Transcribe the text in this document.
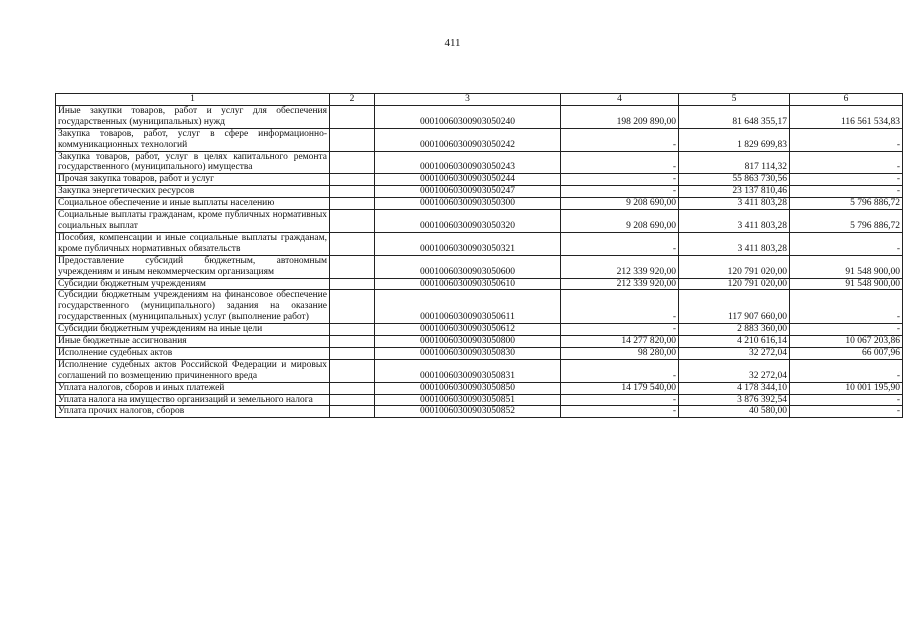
411
1	2	3	4	5	6

Иные закупки товаров, работ и услуг для обеспечения государственных (муниципальных) нужд		00010060300903050240	198 209 890,00	81 648 355,17	116 561 534,83

Закупка товаров, работ, услуг в сфере информационно-коммуникационных технологий		00010060300903050242	-	1 829 699,83	-

Закупка товаров, работ, услуг в целях капитального ремонта государственного (муниципального) имущества		00010060300903050243	-	817 114,32	-

Прочая закупка товаров, работ и услуг		00010060300903050244	-	55 863 730,56	-

Закупка энергетических ресурсов		00010060300903050247	-	23 137 810,46	-

Социальное обеспечение и иные выплаты населению		00010060300903050300	9 208 690,00	3 411 803,28	5 796 886,72

Социальные выплаты гражданам, кроме публичных нормативных социальных выплат		00010060300903050320	9 208 690,00	3 411 803,28	5 796 886,72

Пособия, компенсации и иные социальные выплаты гражданам, кроме публичных нормативных обязательств		00010060300903050321	-	3 411 803,28	-

Предоставление субсидий бюджетным, автономным учреждениям и иным некоммерческим организациям		00010060300903050600	212 339 920,00	120 791 020,00	91 548 900,00

Субсидии бюджетным учреждениям		00010060300903050610	212 339 920,00	120 791 020,00	91 548 900,00

Субсидии бюджетным учреждениям на финансовое обеспечение государственного (муниципального) задания на оказание государственных (муниципальных) услуг (выполнение работ)		00010060300903050611	-	117 907 660,00	-

Субсидии бюджетным учреждениям на иные цели		00010060300903050612	-	2 883 360,00	-

Иные бюджетные ассигнования		00010060300903050800	14 277 820,00	4 210 616,14	10 067 203,86

Исполнение судебных актов		00010060300903050830	98 280,00	32 272,04	66 007,96

Исполнение судебных актов Российской Федерации и мировых соглашений по возмещению причиненного вреда		00010060300903050831	-	32 272,04	-

Уплата налогов, сборов и иных платежей		00010060300903050850	14 179 540,00	4 178 344,10	10 001 195,90

Уплата налога на имущество организаций и земельного налога		00010060300903050851	-	3 876 392,54	-

Уплата прочих налогов, сборов		00010060300903050852	-	40 580,00	-
